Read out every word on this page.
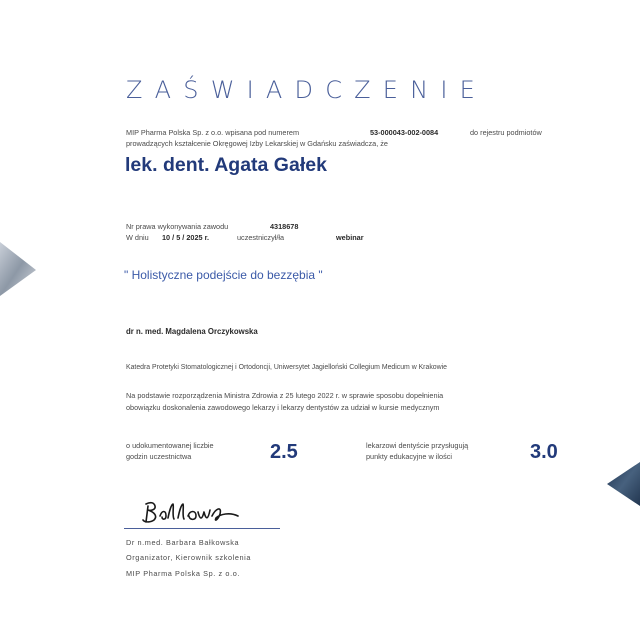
ZAŚWIADCZENIE
MIP Pharma Polska Sp. z o.o. wpisana pod numerem	53-000043-002-0084	do rejestru podmiotów
prowadzących kształcenie Okręgowej Izby Lekarskiej w Gdańsku zaświadcza, że
lek. dent. Agata Gałek
Nr prawa wykonywania zawodu	4318678
W dniu 10 / 5 / 2025 r.	uczestniczył/ła	webinar
" Holistyczne podejście do bezzębia "
dr n. med. Magdalena Orczykowska
Katedra Protetyki Stomatologicznej i Ortodoncji, Uniwersytet Jagielloński Collegium Medicum w Krakowie
Na podstawie rozporządzenia Ministra Zdrowia z 25 lutego 2022 r. w sprawie sposobu dopełnienia
obowiązku doskonalenia zawodowego lekarzy i lekarzy dentystów za udział w kursie medycznym
o udokumentowanej liczbie
godzin uczestnictwa	2.5	lekarzowi dentyście przysługują
punkty edukacyjne w ilości	3.0
Dr n.med. Barbara Bałkowska
Organizator, Kierownik szkolenia
MIP Pharma Polska Sp. z o.o.
